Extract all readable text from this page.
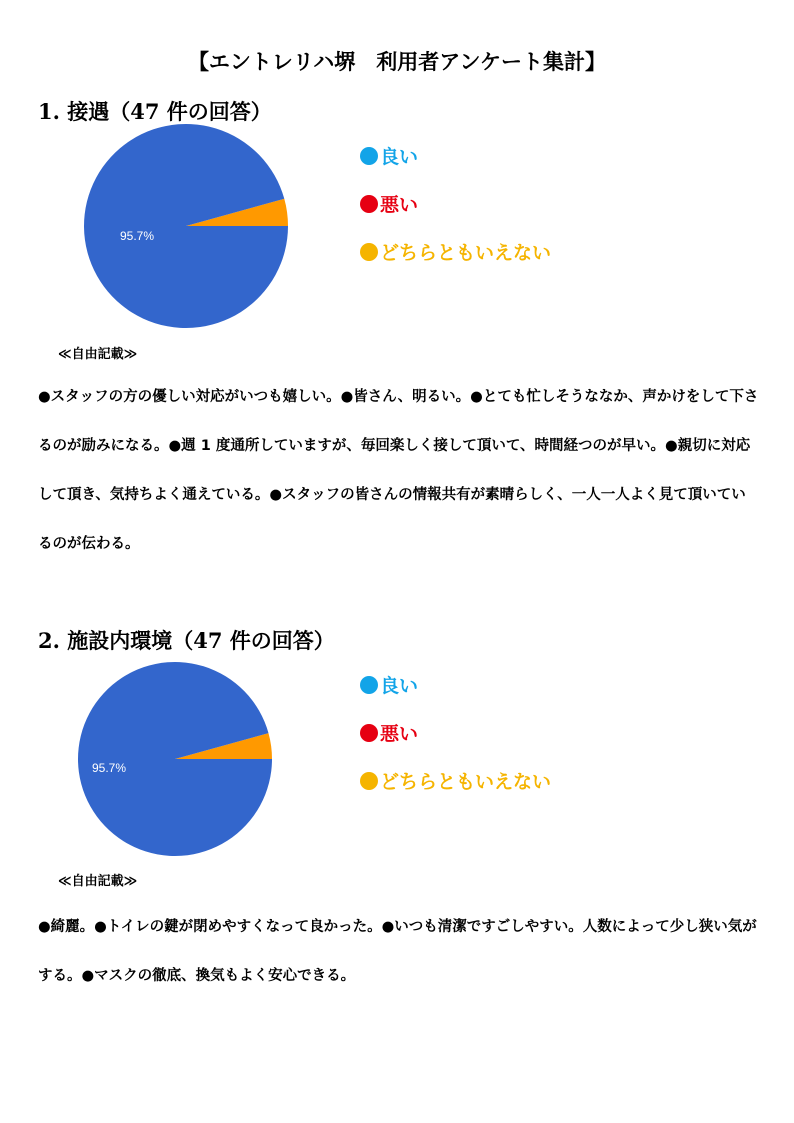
【エントレリハ堺　利用者アンケート集計】
1. 接遇（47 件の回答）
95.7%
良い
悪い
どちらともいえない
≪自由記載≫
●スタッフの方の優しい対応がいつも嬉しい。●皆さん、明るい。●とても忙しそうななか、声かけをして下さるのが励みになる。●週 1 度通所していますが、毎回楽しく接して頂いて、時間経つのが早い。●親切に対応して頂き、気持ちよく通えている。●スタッフの皆さんの情報共有が素晴らしく、一人一人よく見て頂いているのが伝わる。
2. 施設内環境（47 件の回答）
95.7%
良い
悪い
どちらともいえない
≪自由記載≫
●綺麗。●トイレの鍵が閉めやすくなって良かった。●いつも清潔ですごしやすい。人数によって少し狭い気がする。●マスクの徹底、換気もよく安心できる。
